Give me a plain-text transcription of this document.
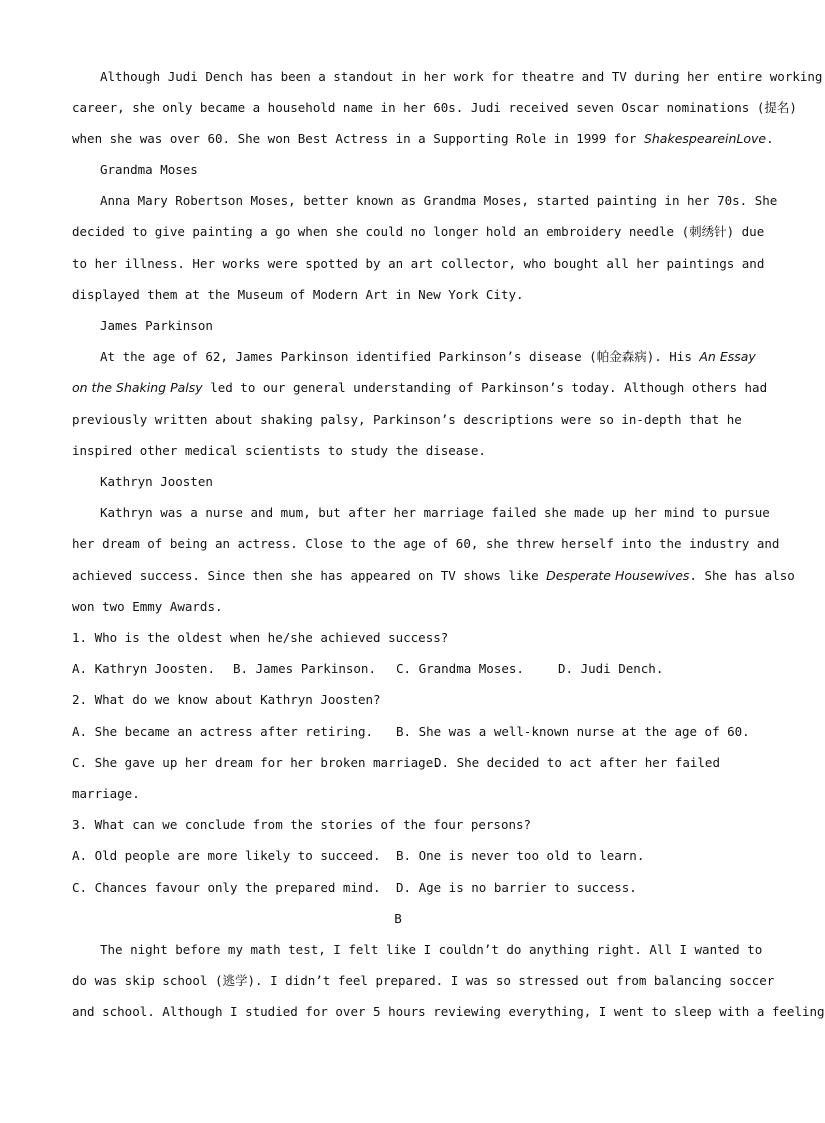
Although Judi Dench has been a standout in her work for theatre and TV during her entire working
career, she only became a household name in her 60s. Judi received seven Oscar nominations (提名)
when she was over 60. She won Best Actress in a Supporting Role in 1999 for ShakespeareinLove.
Grandma Moses
Anna Mary Robertson Moses, better known as Grandma Moses, started painting in her 70s. She
decided to give painting a go when she could no longer hold an embroidery needle (刺绣针) due
to her illness. Her works were spotted by an art collector, who bought all her paintings and
displayed them at the Museum of Modern Art in New York City.
James Parkinson
At the age of 62, James Parkinson identified Parkinson’s disease (帕金森病). His An Essay
on the Shaking Palsy led to our general understanding of Parkinson’s today. Although others had
previously written about shaking palsy, Parkinson’s descriptions were so in-depth that he
inspired other medical scientists to study the disease.
Kathryn Joosten
Kathryn was a nurse and mum, but after her marriage failed she made up her mind to pursue
her dream of being an actress. Close to the age of 60, she threw herself into the industry and
achieved success. Since then she has appeared on TV shows like Desperate Housewives. She has also
won two Emmy Awards.
1. Who is the oldest when he/she achieved success?
A. Kathryn Joosten.	B. James Parkinson.	C. Grandma Moses.	D. Judi Dench.
2. What do we know about Kathryn Joosten?
A. She became an actress after retiring.	B. She was a well-known nurse at the age of 60.
C. She gave up her dream for her broken marriage.
D. She decided to act after her failed
marriage.
3. What can we conclude from the stories of the four persons?
A. Old people are more likely to succeed.	B. One is never too old to learn.
C. Chances favour only the prepared mind.	D. Age is no barrier to success.
B
The night before my math test, I felt like I couldn’t do anything right. All I wanted to
do was skip school (逃学). I didn’t feel prepared. I was so stressed out from balancing soccer
and school. Although I studied for over 5 hours reviewing everything, I went to sleep with a feeling
